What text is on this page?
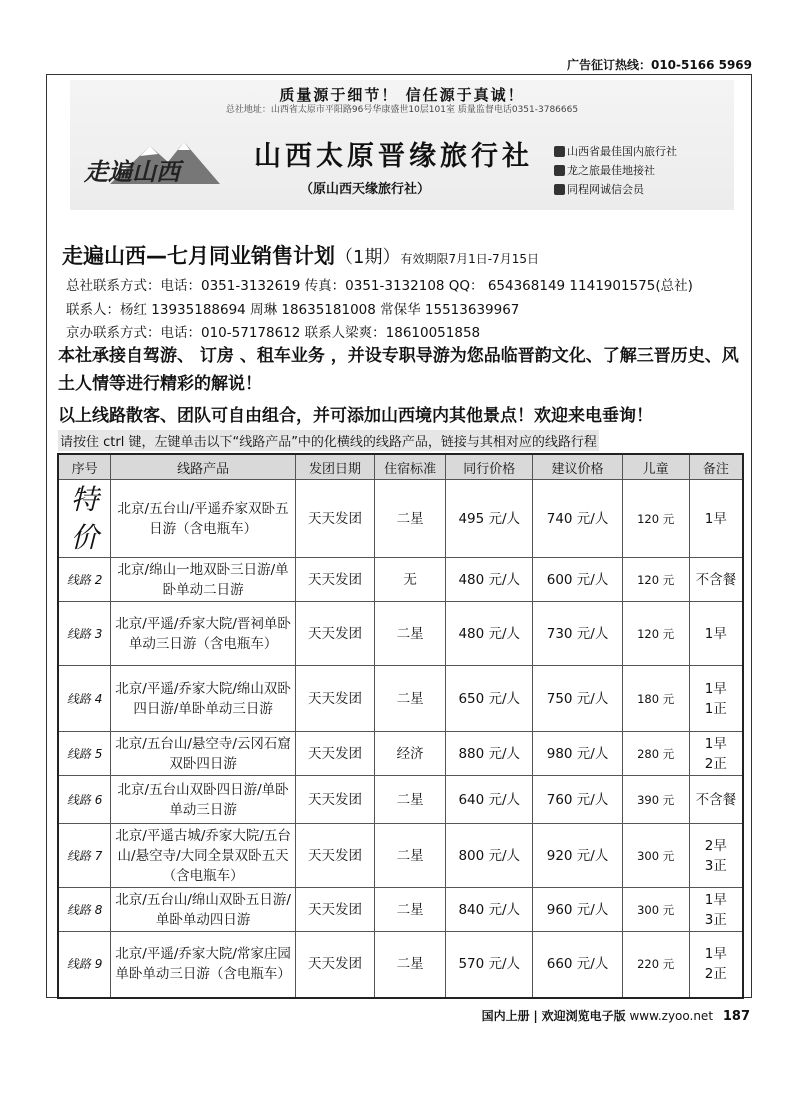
广告征订热线：010-5166 5969
质量源于细节！ 信任源于真诚！
总社地址：山西省太原市平阳路96号华康盛世10层101室 质量监督电话0351-3786665
走遍山西	山西太原晋缘旅行社
（原山西天缘旅行社）
山西省最佳国内旅行社
龙之旅最佳地接社
同程网诚信会员
走遍山西—七月同业销售计划（1期）有效期限7月1日-7月15日
总社联系方式：电话：0351-3132619 传真：0351-3132108 QQ： 654368149 1141901575(总社)
联系人：杨红 13935188694 周琳 18635181008 常保华 15513639967
京办联系方式：电话：010-57178612 联系人梁爽：18610051858
本社承接自驾游、 订房 、租车业务 ，并设专职导游为您品临晋韵文化、了解三晋历史、风土人情等进行精彩的解说！
以上线路散客、团队可自由组合，并可添加山西境内其他景点！欢迎来电垂询！
请按住 ctrl 键，左键单击以下“线路产品”中的化横线的线路产品，链接与其相对应的线路行程
序号	线路产品	发团日期	住宿标准	同行价格	建议价格	儿童	备注
特价	北京/五台山/平遥乔家双卧五日游（含电瓶车）	天天发团	二星	495 元/人	740 元/人	120 元	1早
线路 2	北京/绵山一地双卧三日游/单卧单动二日游	天天发团	无	480 元/人	600 元/人	120 元	不含餐
线路 3	北京/平遥/乔家大院/晋祠单卧单动三日游（含电瓶车）	天天发团	二星	480 元/人	730 元/人	120 元	1早
线路 4	北京/平遥/乔家大院/绵山双卧四日游/单卧单动三日游	天天发团	二星	650 元/人	750 元/人	180 元	1早
1正
线路 5	北京/五台山/悬空寺/云冈石窟双卧四日游	天天发团	经济	880 元/人	980 元/人	280 元	1早
2正
线路 6	北京/五台山双卧四日游/单卧单动三日游	天天发团	二星	640 元/人	760 元/人	390 元	不含餐
线路 7	北京/平遥古城/乔家大院/五台山/悬空寺/大同全景双卧五天（含电瓶车）	天天发团	二星	800 元/人	920 元/人	300 元	2早
3正
线路 8	北京/五台山/绵山双卧五日游/单卧单动四日游	天天发团	二星	840 元/人	960 元/人	300 元	1早
3正
线路 9	北京/平遥/乔家大院/常家庄园单卧单动三日游（含电瓶车）	天天发团	二星	570 元/人	660 元/人	220 元	1早
2正
国内上册 | 欢迎浏览电子版 www.zyoo.net 187
